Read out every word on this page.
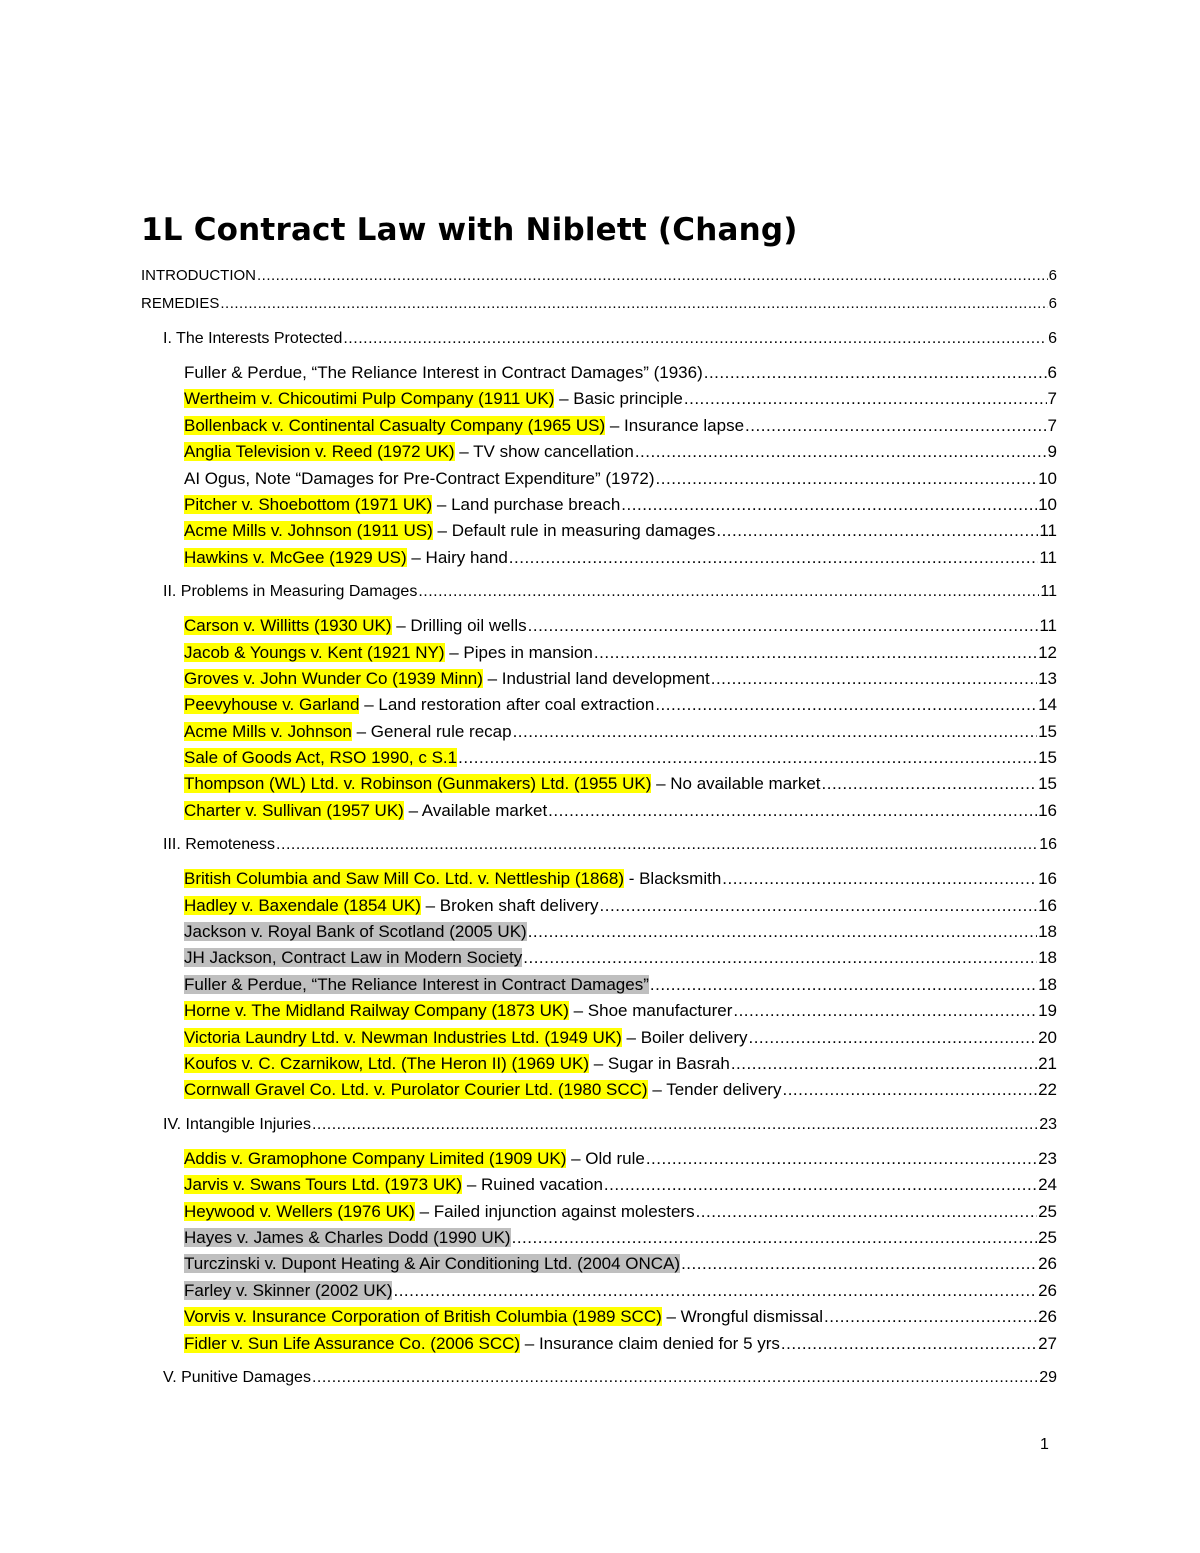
1L Contract Law with Niblett (Chang)
INTRODUCTION .....	6
REMEDIES .....	6
I. The Interests Protected .....	6
Fuller & Perdue, “The Reliance Interest in Contract Damages” (1936) .....	6
Wertheim v. Chicoutimi Pulp Company (1911 UK) – Basic principle .....	7
Bollenback v. Continental Casualty Company (1965 US) – Insurance lapse .....	7
Anglia Television v. Reed (1972 UK) – TV show cancellation .....	9
AI Ogus, Note “Damages for Pre-Contract Expenditure” (1972) .....	10
Pitcher v. Shoebottom (1971 UK) – Land purchase breach .....	10
Acme Mills v. Johnson (1911 US) – Default rule in measuring damages .....	11
Hawkins v. McGee (1929 US) – Hairy hand .....	11
II. Problems in Measuring Damages .....	11
Carson v. Willitts (1930 UK) – Drilling oil wells .....	11
Jacob & Youngs v. Kent (1921 NY) – Pipes in mansion .....	12
Groves v. John Wunder Co (1939 Minn) – Industrial land development .....	13
Peevyhouse v. Garland – Land restoration after coal extraction .....	14
Acme Mills v. Johnson – General rule recap .....	15
Sale of Goods Act, RSO 1990, c S.1 .....	15
Thompson (WL) Ltd. v. Robinson (Gunmakers) Ltd. (1955 UK) – No available market .....	15
Charter v. Sullivan (1957 UK) – Available market .....	16
III. Remoteness .....	16
British Columbia and Saw Mill Co. Ltd. v. Nettleship (1868) - Blacksmith .....	16
Hadley v. Baxendale (1854 UK) – Broken shaft delivery .....	16
Jackson v. Royal Bank of Scotland (2005 UK) .....	18
JH Jackson, Contract Law in Modern Society .....	18
Fuller & Perdue, “The Reliance Interest in Contract Damages” .....	18
Horne v. The Midland Railway Company (1873 UK) – Shoe manufacturer .....	19
Victoria Laundry Ltd. v. Newman Industries Ltd. (1949 UK) – Boiler delivery .....	20
Koufos v. C. Czarnikow, Ltd. (The Heron II) (1969 UK) – Sugar in Basrah .....	21
Cornwall Gravel Co. Ltd. v. Purolator Courier Ltd. (1980 SCC) – Tender delivery .....	22
IV. Intangible Injuries .....	23
Addis v. Gramophone Company Limited (1909 UK) – Old rule .....	23
Jarvis v. Swans Tours Ltd. (1973 UK) – Ruined vacation .....	24
Heywood v. Wellers (1976 UK) – Failed injunction against molesters .....	25
Hayes v. James & Charles Dodd (1990 UK) .....	25
Turczinski v. Dupont Heating & Air Conditioning Ltd. (2004 ONCA) .....	26
Farley v. Skinner (2002 UK) .....	26
Vorvis v. Insurance Corporation of British Columbia (1989 SCC) – Wrongful dismissal .....	26
Fidler v. Sun Life Assurance Co. (2006 SCC) – Insurance claim denied for 5 yrs .....	27
V. Punitive Damages .....	29
1
